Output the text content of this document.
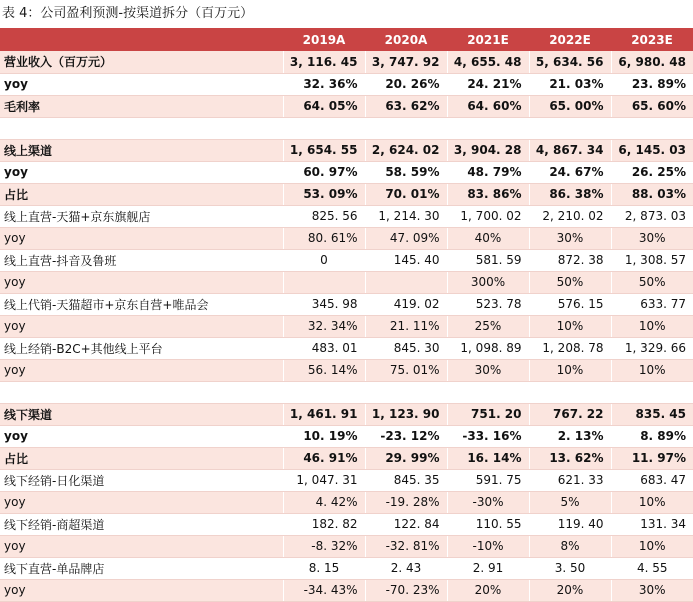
表 4：公司盈利预测-按渠道拆分（百万元）
	2019A	2020A	2021E	2022E	2023E
营业收入（百万元）	3, 116. 45	3, 747. 92	4, 655. 48	5, 634. 56	6, 980. 48
yoy	32. 36%	20. 26%	24. 21%	21. 03%	23. 89%
毛利率	64. 05%	63. 62%	64. 60%	65. 00%	65. 60%

线上渠道	1, 654. 55	2, 624. 02	3, 904. 28	4, 867. 34	6, 145. 03
yoy	60. 97%	58. 59%	48. 79%	24. 67%	26. 25%
占比	53. 09%	70. 01%	83. 86%	86. 38%	88. 03%
线上直营-天猫+京东旗舰店	825. 56	1, 214. 30	1, 700. 02	2, 210. 02	2, 873. 03
yoy	80. 61%	47. 09%	40%	30%	30%
线上直营-抖音及鲁班	0	145. 40	581. 59	872. 38	1, 308. 57
yoy			300%	50%	50%
线上代销-天猫超市+京东自营+唯品会	345. 98	419. 02	523. 78	576. 15	633. 77
yoy	32. 34%	21. 11%	25%	10%	10%
线上经销-B2C+其他线上平台	483. 01	845. 30	1, 098. 89	1, 208. 78	1, 329. 66
yoy	56. 14%	75. 01%	30%	10%	10%

线下渠道	1, 461. 91	1, 123. 90	751. 20	767. 22	835. 45
yoy	10. 19%	-23. 12%	-33. 16%	2. 13%	8. 89%
占比	46. 91%	29. 99%	16. 14%	13. 62%	11. 97%
线下经销-日化渠道	1, 047. 31	845. 35	591. 75	621. 33	683. 47
yoy	4. 42%	-19. 28%	-30%	5%	10%
线下经销-商超渠道	182. 82	122. 84	110. 55	119. 40	131. 34
yoy	-8. 32%	-32. 81%	-10%	8%	10%
线下直营-单品牌店	8. 15	2. 43	2. 91	3. 50	4. 55
yoy	-34. 43%	-70. 23%	20%	20%	30%
